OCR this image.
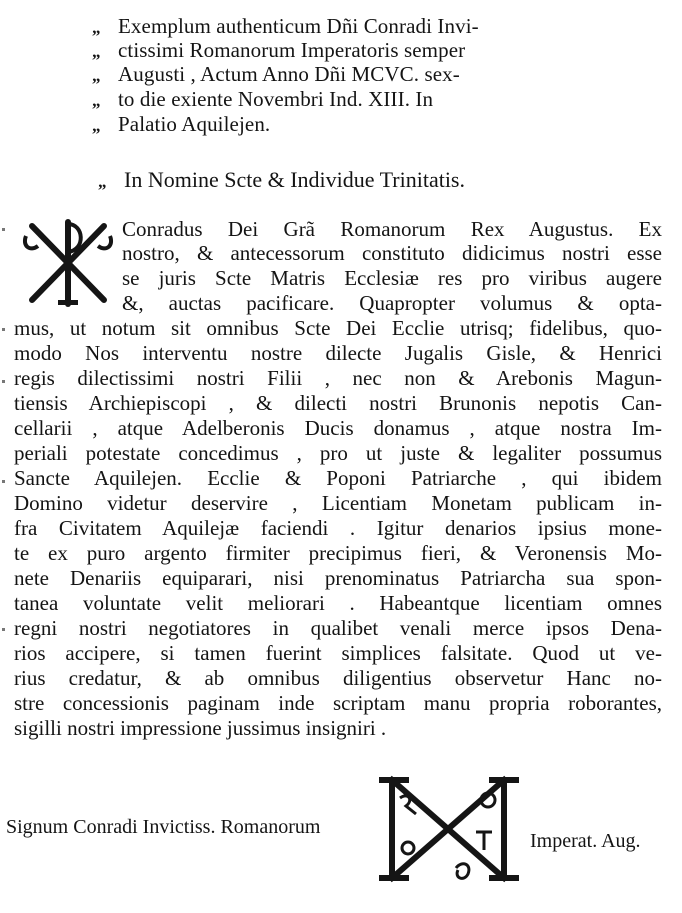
„ Exemplum authenticum Dñi Conradi Invi-
„ ctissimi Romanorum Imperatoris semper
„ Augusti , Actum Anno Dñi MCVC. sex-
„ to die exiente Novembri Ind. XIII. In
„ Palatio Aquilejen.
„ In Nomine Scte & Individue Trinitatis.
Conradus Dei Grã Romanorum Rex Augustus. Ex
nostro, & antecessorum constituto didicimus nostri esse
se juris Scte Matris Ecclesiæ res pro viribus augere
&, auctas pacificare. Quapropter volumus & opta-
mus, ut notum sit omnibus Scte Dei Ecclie utrisq; fidelibus, quo-
modo Nos interventu nostre dilecte Jugalis Gisle, & Henrici
regis dilectissimi nostri Filii , nec non & Arebonis Magun-
tiensis Archiepiscopi , & dilecti nostri Brunonis nepotis Can-
cellarii , atque Adelberonis Ducis donamus , atque nostra Im-
periali potestate concedimus , pro ut juste & legaliter possumus
Sancte Aquilejen. Ecclie & Poponi Patriarche , qui ibidem
Domino videtur deservire , Licentiam Monetam publicam in-
fra Civitatem Aquilejæ faciendi . Igitur denarios ipsius mone-
te ex puro argento firmiter precipimus fieri, & Veronensis Mo-
nete Denariis equiparari, nisi prenominatus Patriarcha sua spon-
tanea voluntate velit meliorari . Habeantque licentiam omnes
regni nostri negotiatores in qualibet venali merce ipsos Dena-
rios accipere, si tamen fuerint simplices falsitate. Quod ut ve-
rius credatur, & ab omnibus diligentius observetur Hanc no-
stre concessionis paginam inde scriptam manu propria roborantes,
sigilli nostri impressione jussimus insigniri .
Signum Conradi Invictiss. Romanorum
Imperat. Aug.
